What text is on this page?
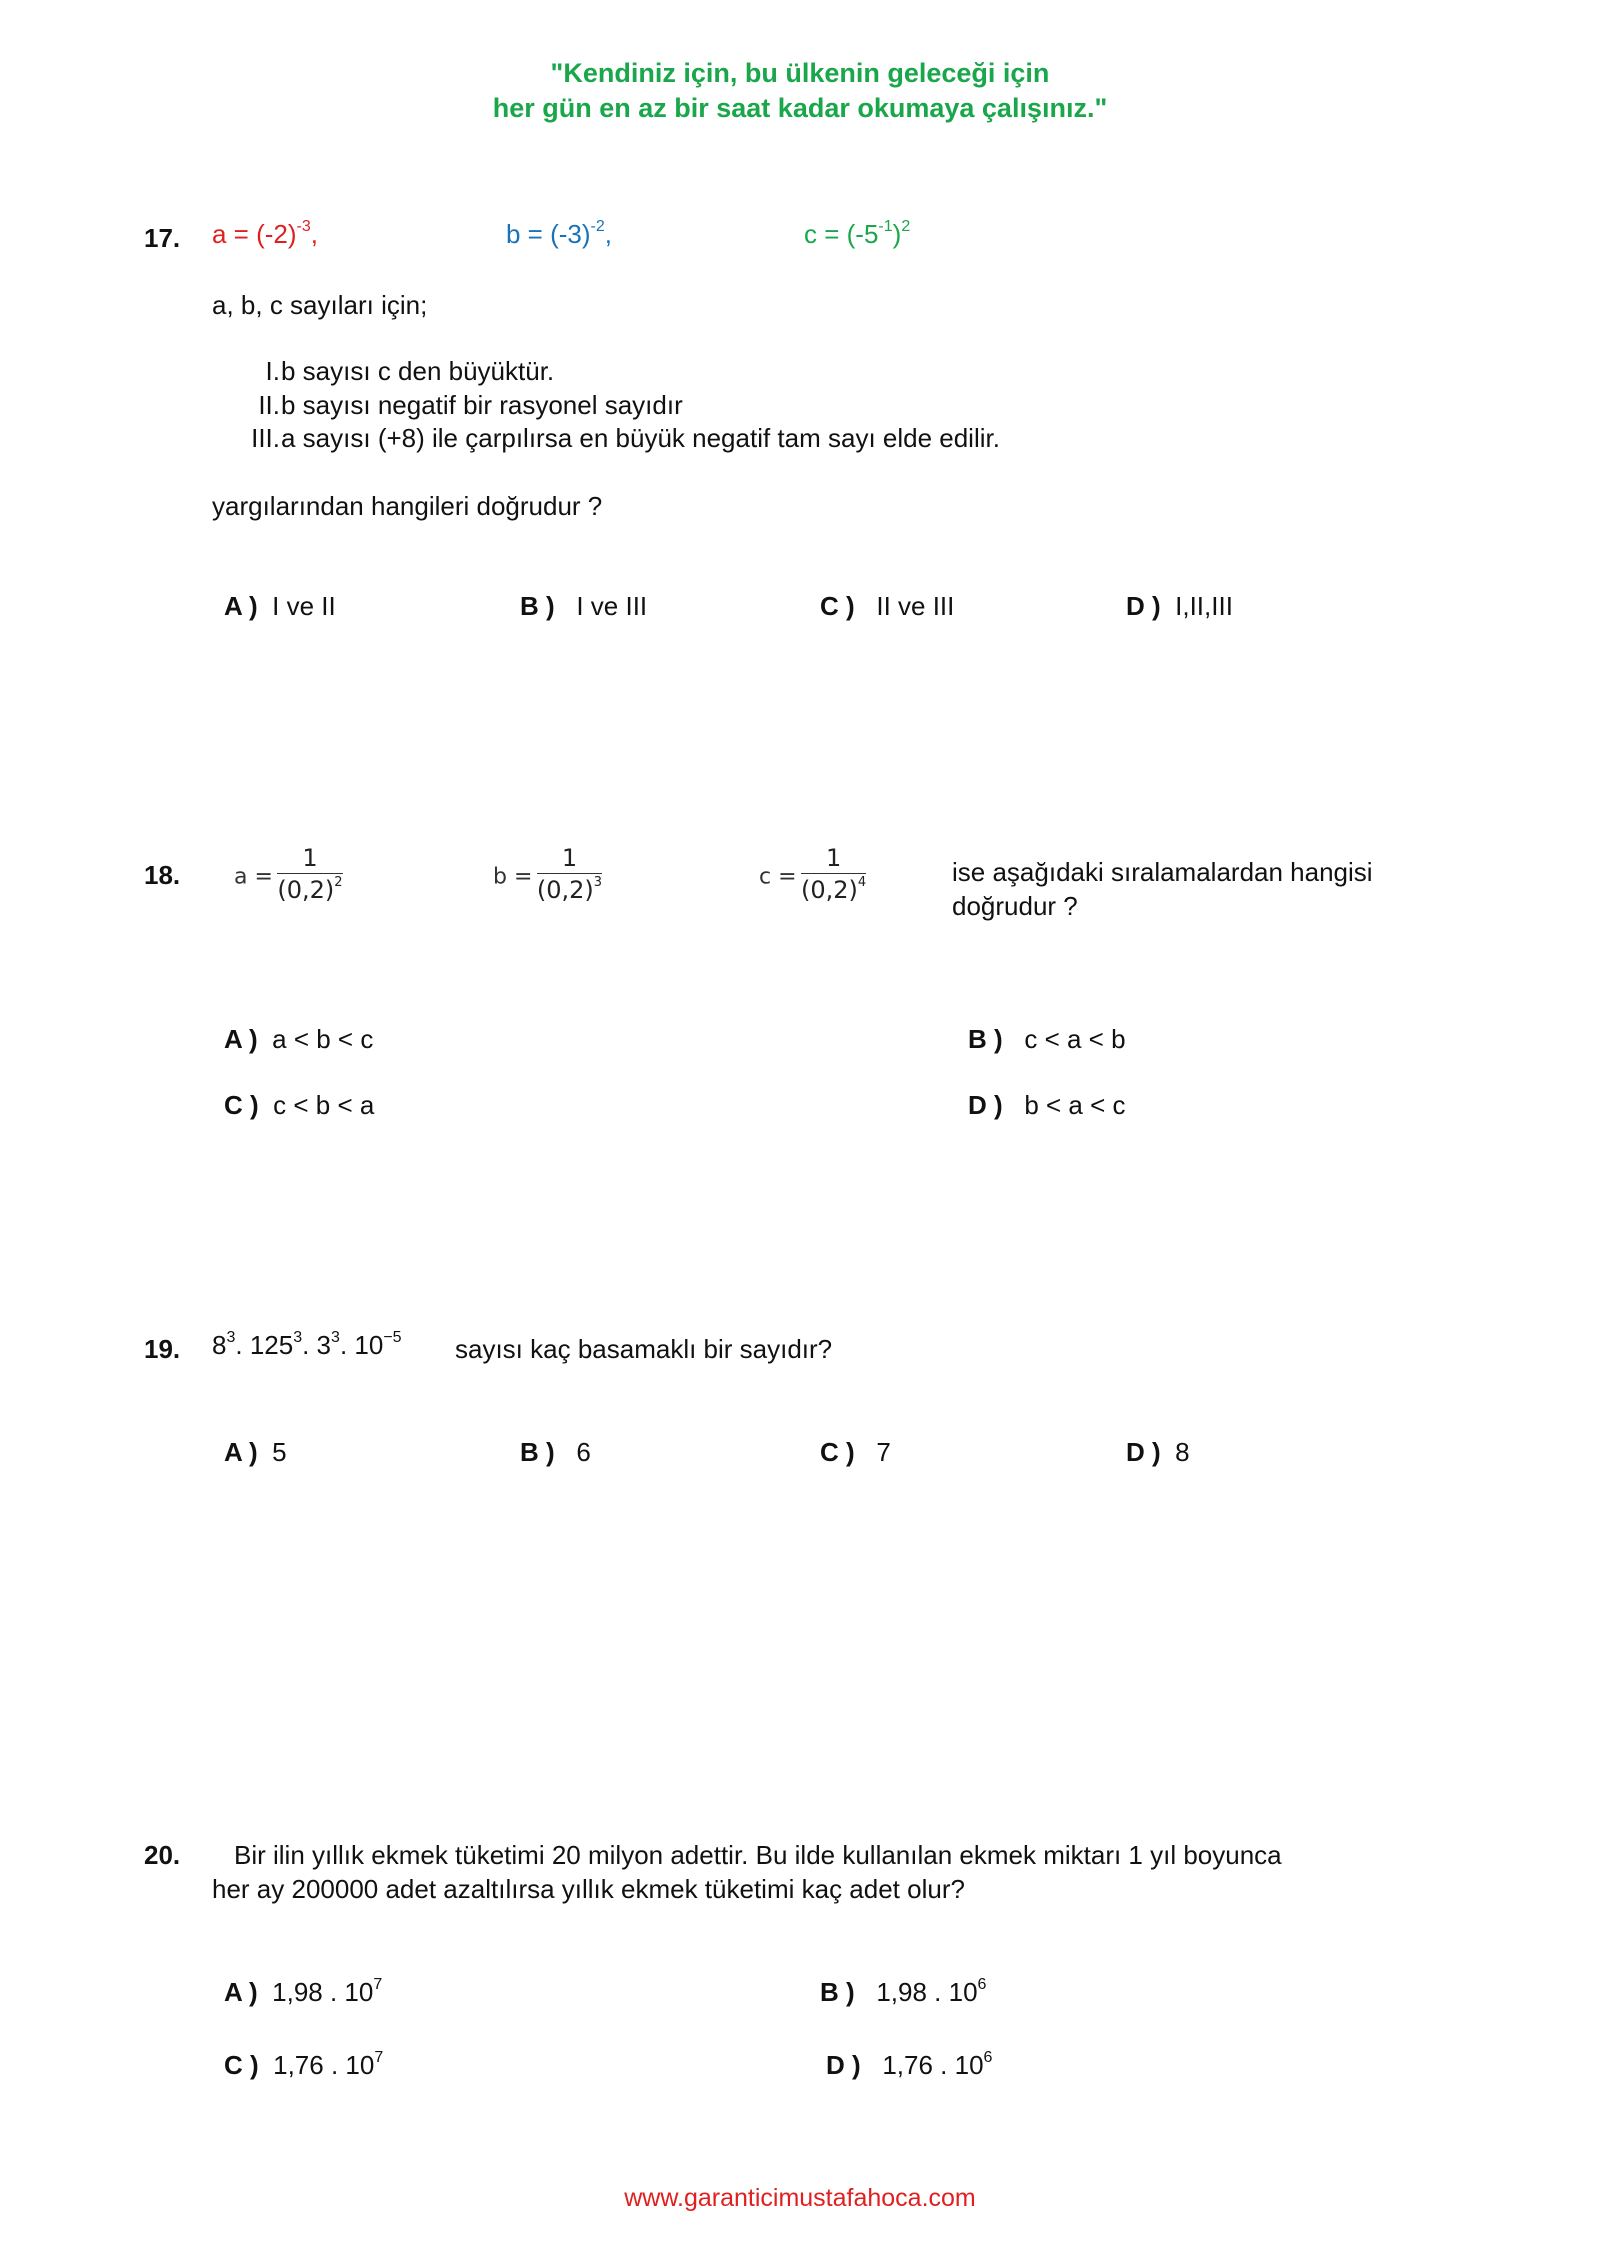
"Kendiniz için, bu ülkenin geleceği için
her gün en az bir saat kadar okumaya çalışınız."
17. $a = (-2)^{-3}$,	$b = (-3)^{-2}$,	$c = (-5^{-1})^2$
a, b, c sayıları için;
I. b sayısı c den büyüktür.
II. b sayısı negatif bir rasyonel sayıdır
III. a sayısı (+8) ile çarpılırsa en büyük negatif tam sayı elde edilir.
yargılarından hangileri doğrudur ?
A ) I ve II	B ) I ve III	C ) II ve III	D ) I,II,III
18. $a = \frac{1}{(0,2)^2}$	$b = \frac{1}{(0,2)^3}$	$c = \frac{1}{(0,2)^4}$	ise aşağıdaki sıralamalardan hangisi
doğrudur ?
A ) a < b < c	B ) c < a < b
C ) c < b < a	D ) b < a < c
19. $8^3$. $125^3$. $3^3$. $10^{-5}$ sayısı kaç basamaklı bir sayıdır?
A ) 5	B ) 6	C ) 7	D ) 8
20. Bir ilin yıllık ekmek tüketimi 20 milyon adettir. Bu ilde kullanılan ekmek miktarı 1 yıl boyunca
her ay 200000 adet azaltılırsa yıllık ekmek tüketimi kaç adet olur?
A ) 1,98 . $10^7$	B ) 1,98 . $10^6$
C ) 1,76 . $10^7$	D ) 1,76 . $10^6$
www.garanticimustafahoca.com
